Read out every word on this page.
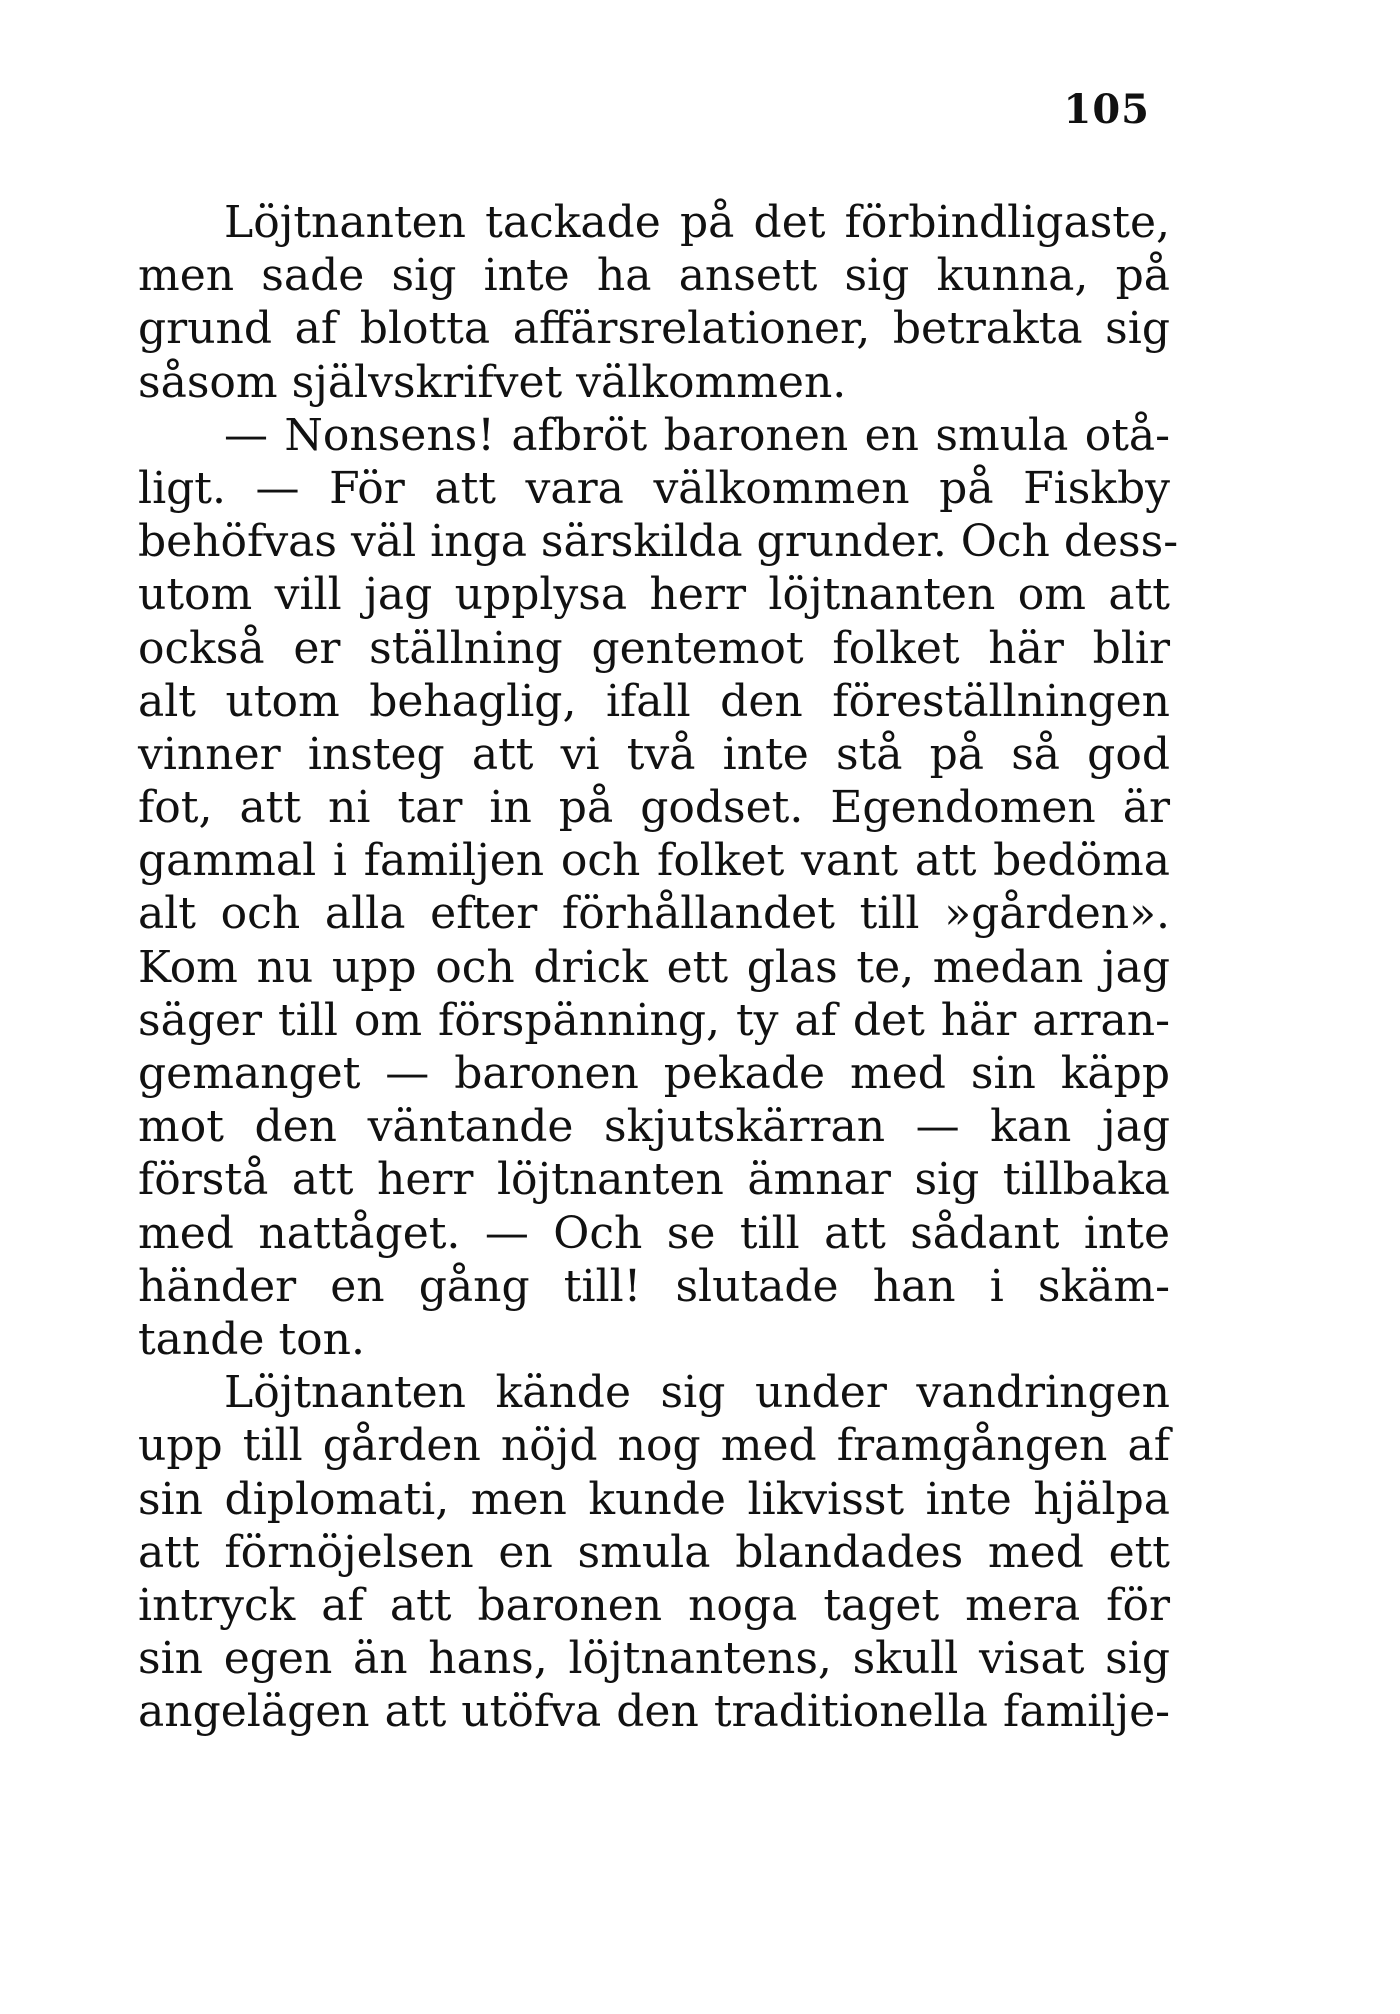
105
Löjtnanten tackade på det förbindligaste,
men sade sig inte ha ansett sig kunna, på
grund af blotta affärsrelationer, betrakta sig
såsom självskrifvet välkommen.
— Nonsens! afbröt baronen en smula otå-
ligt. — För att vara välkommen på Fiskby
behöfvas väl inga särskilda grunder. Och dess-
utom vill jag upplysa herr löjtnanten om att
också er ställning gentemot folket här blir
alt utom behaglig, ifall den föreställningen
vinner insteg att vi två inte stå på så god
fot, att ni tar in på godset. Egendomen är
gammal i familjen och folket vant att bedöma
alt och alla efter förhållandet till »gården».
Kom nu upp och drick ett glas te, medan jag
säger till om förspänning, ty af det här arran-
gemanget — baronen pekade med sin käpp
mot den väntande skjutskärran — kan jag
förstå att herr löjtnanten ämnar sig tillbaka
med nattåget. — Och se till att sådant inte
händer en gång till! slutade han i skäm-
tande ton.
Löjtnanten kände sig under vandringen
upp till gården nöjd nog med framgången af
sin diplomati, men kunde likvisst inte hjälpa
att förnöjelsen en smula blandades med ett
intryck af att baronen noga taget mera för
sin egen än hans, löjtnantens, skull visat sig
angelägen att utöfva den traditionella familje-
